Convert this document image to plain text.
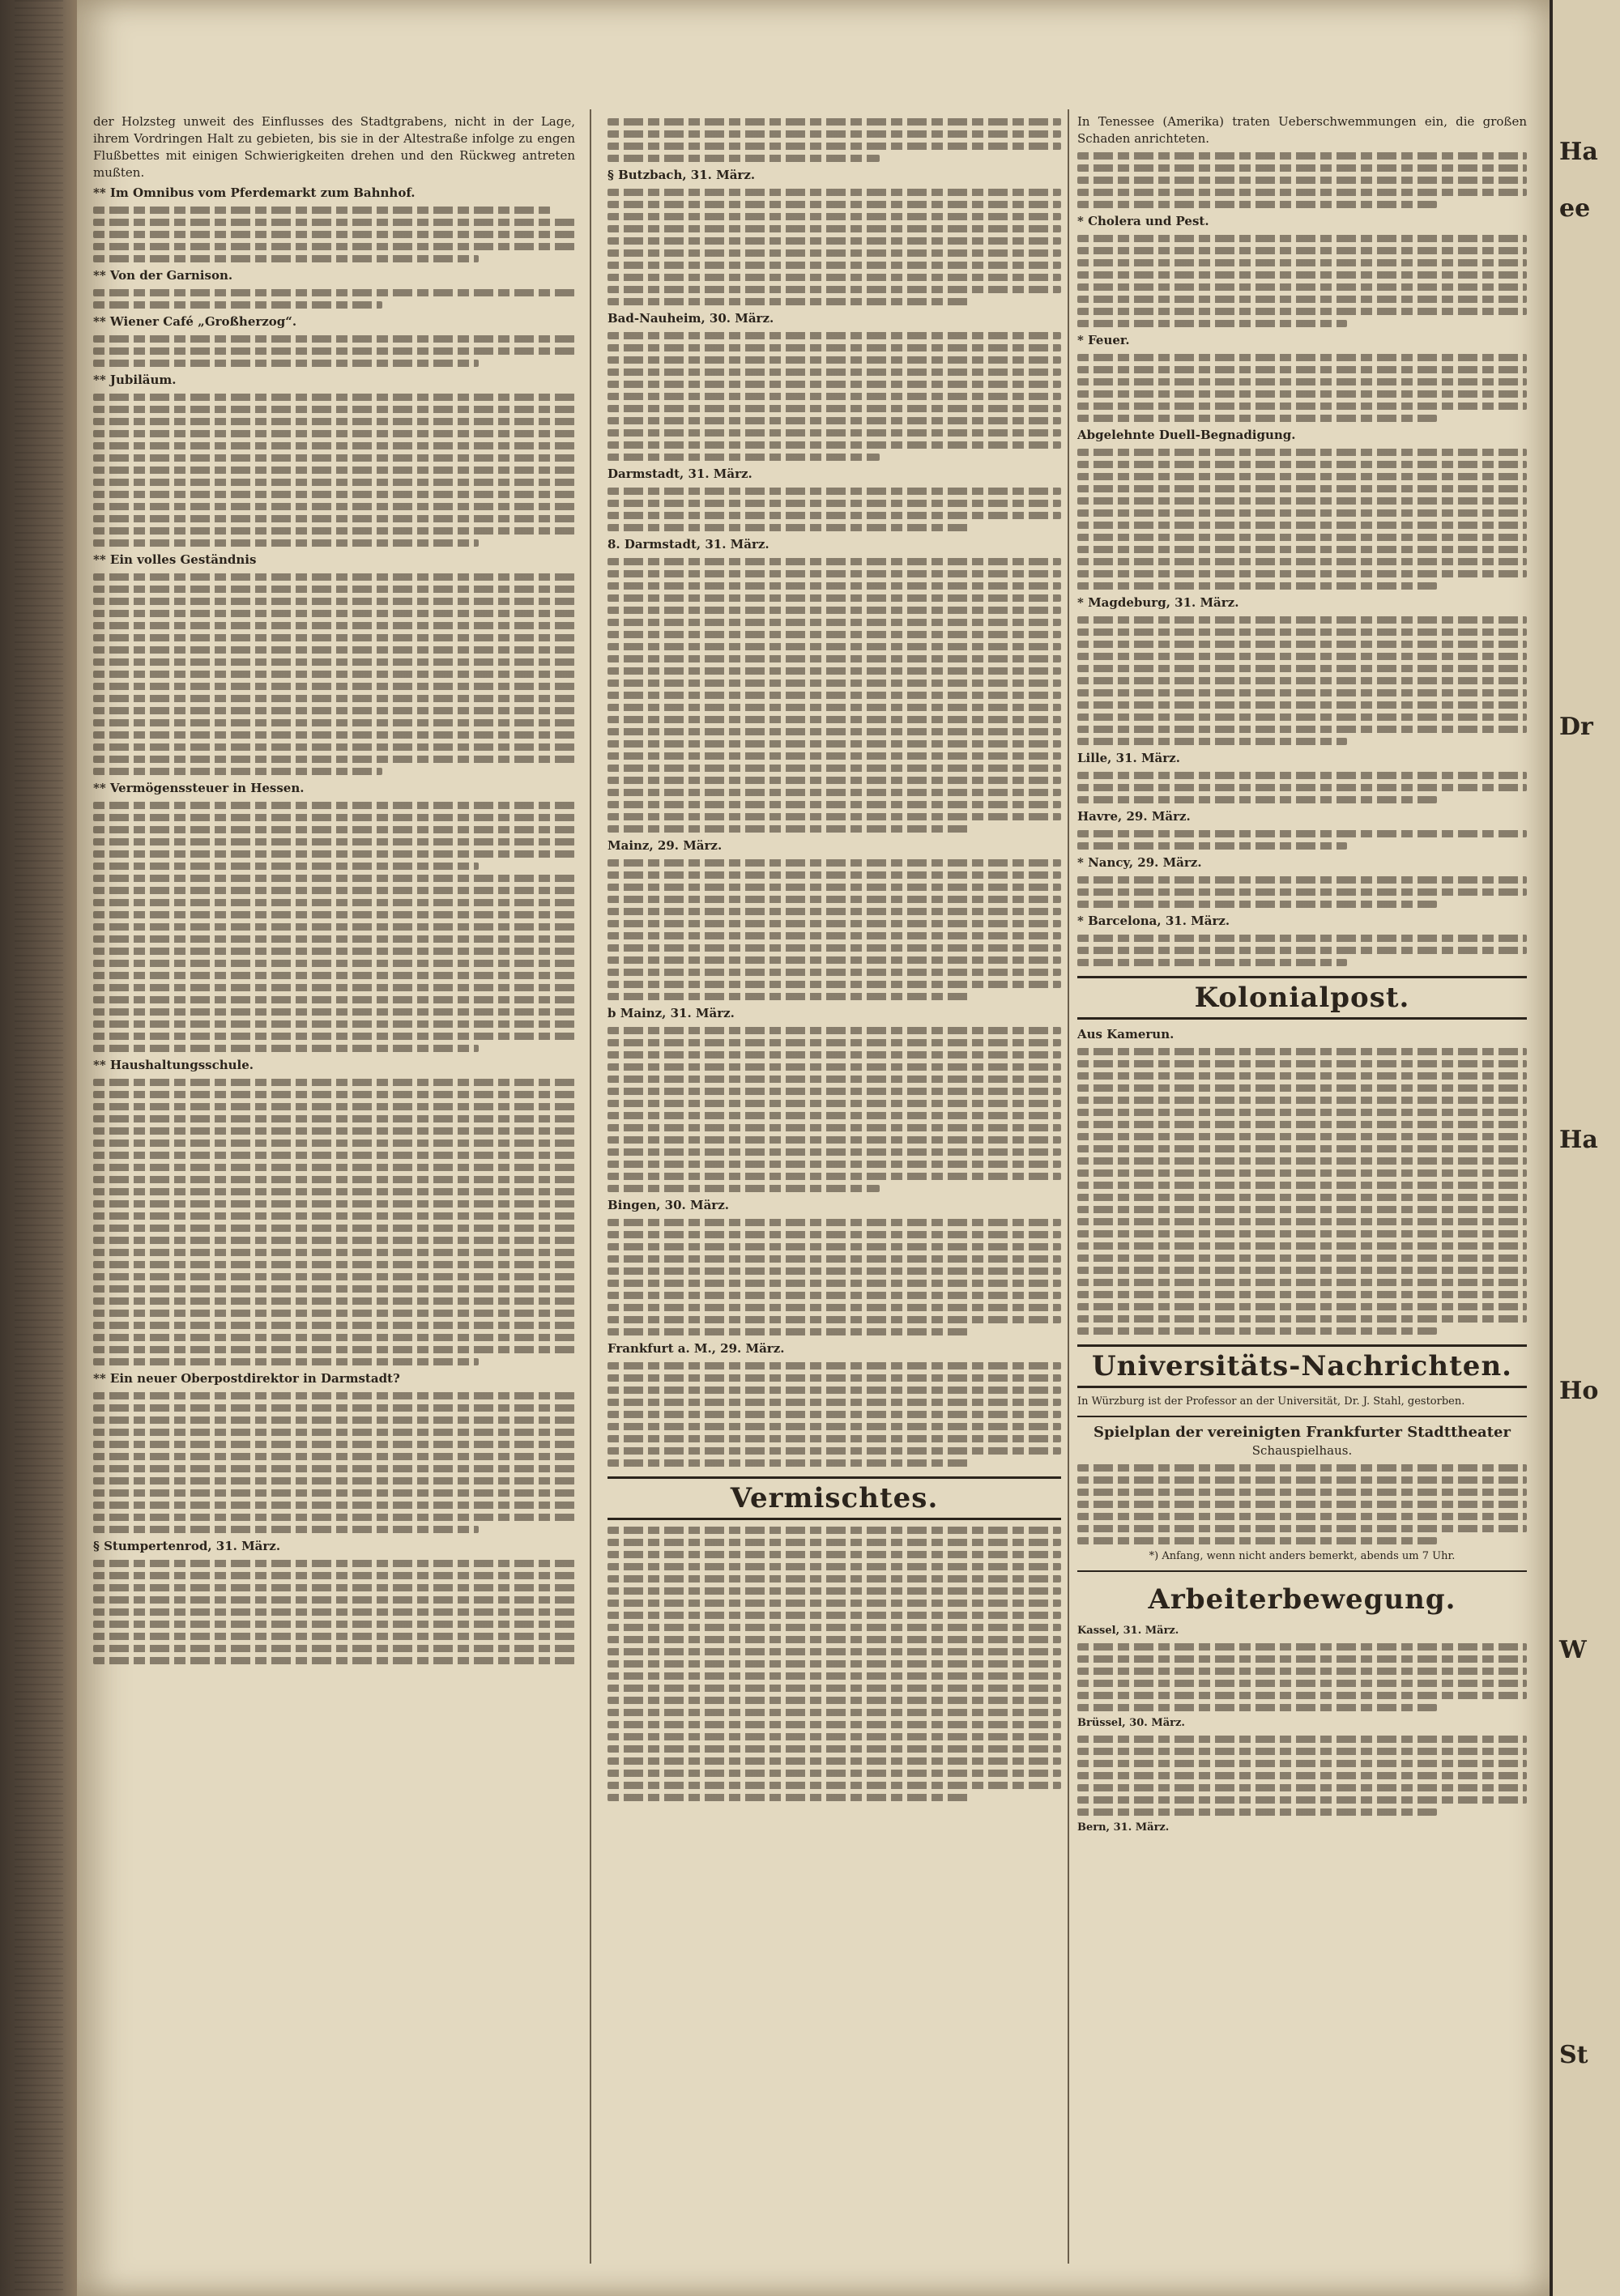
der Holzsteg unweit des Einflusses des Stadtgrabens, nicht in der Lage, ihrem Vordringen Halt zu gebieten, bis sie in der Altestraße infolge zu engen Flußbettes mit einigen Schwierigkeiten drehen und den Rückweg antreten mußten.

** Im Omnibus vom Pferdemarkt zum Bahnhof.
** Von der Garnison.
** Wiener Café „Großherzog“.
** Jubiläum.
** Ein volles Geständnis
** Vermögenssteuer in Hessen.
** Haushaltungsschule.
** Ein neuer Oberpostdirektor in Darmstadt?
§ Stumpertenrod, 31. März.
§ Butzbach, 31. März.
Bad-Nauheim, 30. März.
Darmstadt, 31. März.
8. Darmstadt, 31. März.
Mainz, 29. März.
b Mainz, 31. März.
Bingen, 30. März.
Frankfurt a. M., 29. März.
Vermischtes.

In Tenessee (Amerika) traten Ueberschwemmungen ein, die großen Schaden anrichteten.

* Cholera und Pest.
* Feuer.
Abgelehnte Duell-Begnadigung.
* Magdeburg, 31. März.
Lille, 31. März.
Havre, 29. März.
* Nancy, 29. März.
* Barcelona, 31. März.
Kolonialpost.
Aus Kamerun.
Universitäts-Nachrichten.

In Würzburg ist der Professor an der Universität, Dr. J. Stahl, gestorben.

Spielplan der vereinigten Frankfurter Stadttheater
Schauspielhaus.

*) Anfang, wenn nicht anders bemerkt, abends um 7 Uhr.

Arbeiterbewegung.
Kassel, 31. März.
Brüssel, 30. März.
Bern, 31. März.
Ha
ee
Dr
Ha
Ho
W
St
